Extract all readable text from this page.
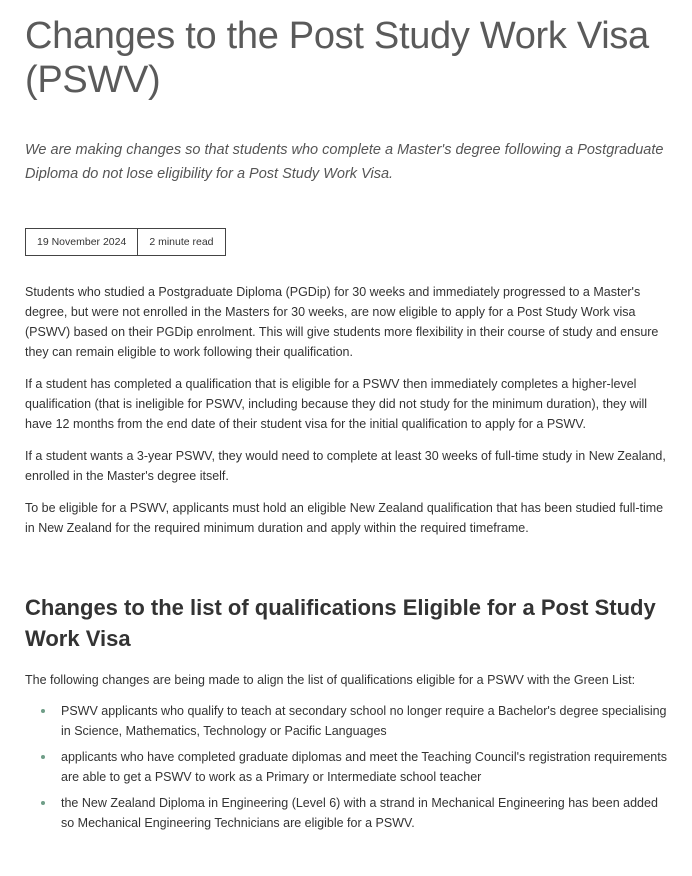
Changes to the Post Study Work Visa (PSWV)

We are making changes so that students who complete a Master's degree following a Postgraduate Diploma do not lose eligibility for a Post Study Work Visa.

19 November 2024	2 minute read

Students who studied a Postgraduate Diploma (PGDip) for 30 weeks and immediately progressed to a Master's degree, but were not enrolled in the Masters for 30 weeks, are now eligible to apply for a Post Study Work visa (PSWV) based on their PGDip enrolment. This will give students more flexibility in their course of study and ensure they can remain eligible to work following their qualification.

If a student has completed a qualification that is eligible for a PSWV then immediately completes a higher-level qualification (that is ineligible for PSWV, including because they did not study for the minimum duration), they will have 12 months from the end date of their student visa for the initial qualification to apply for a PSWV.

If a student wants a 3-year PSWV, they would need to complete at least 30 weeks of full-time study in New Zealand, enrolled in the Master's degree itself.

To be eligible for a PSWV, applicants must hold an eligible New Zealand qualification that has been studied full-time in New Zealand for the required minimum duration and apply within the required timeframe.

Changes to the list of qualifications Eligible for a Post Study Work Visa

The following changes are being made to align the list of qualifications eligible for a PSWV with the Green List:

PSWV applicants who qualify to teach at secondary school no longer require a Bachelor's degree specialising in Science, Mathematics, Technology or Pacific Languages
applicants who have completed graduate diplomas and meet the Teaching Council's registration requirements are able to get a PSWV to work as a Primary or Intermediate school teacher
the New Zealand Diploma in Engineering (Level 6) with a strand in Mechanical Engineering has been added so Mechanical Engineering Technicians are eligible for a PSWV.
